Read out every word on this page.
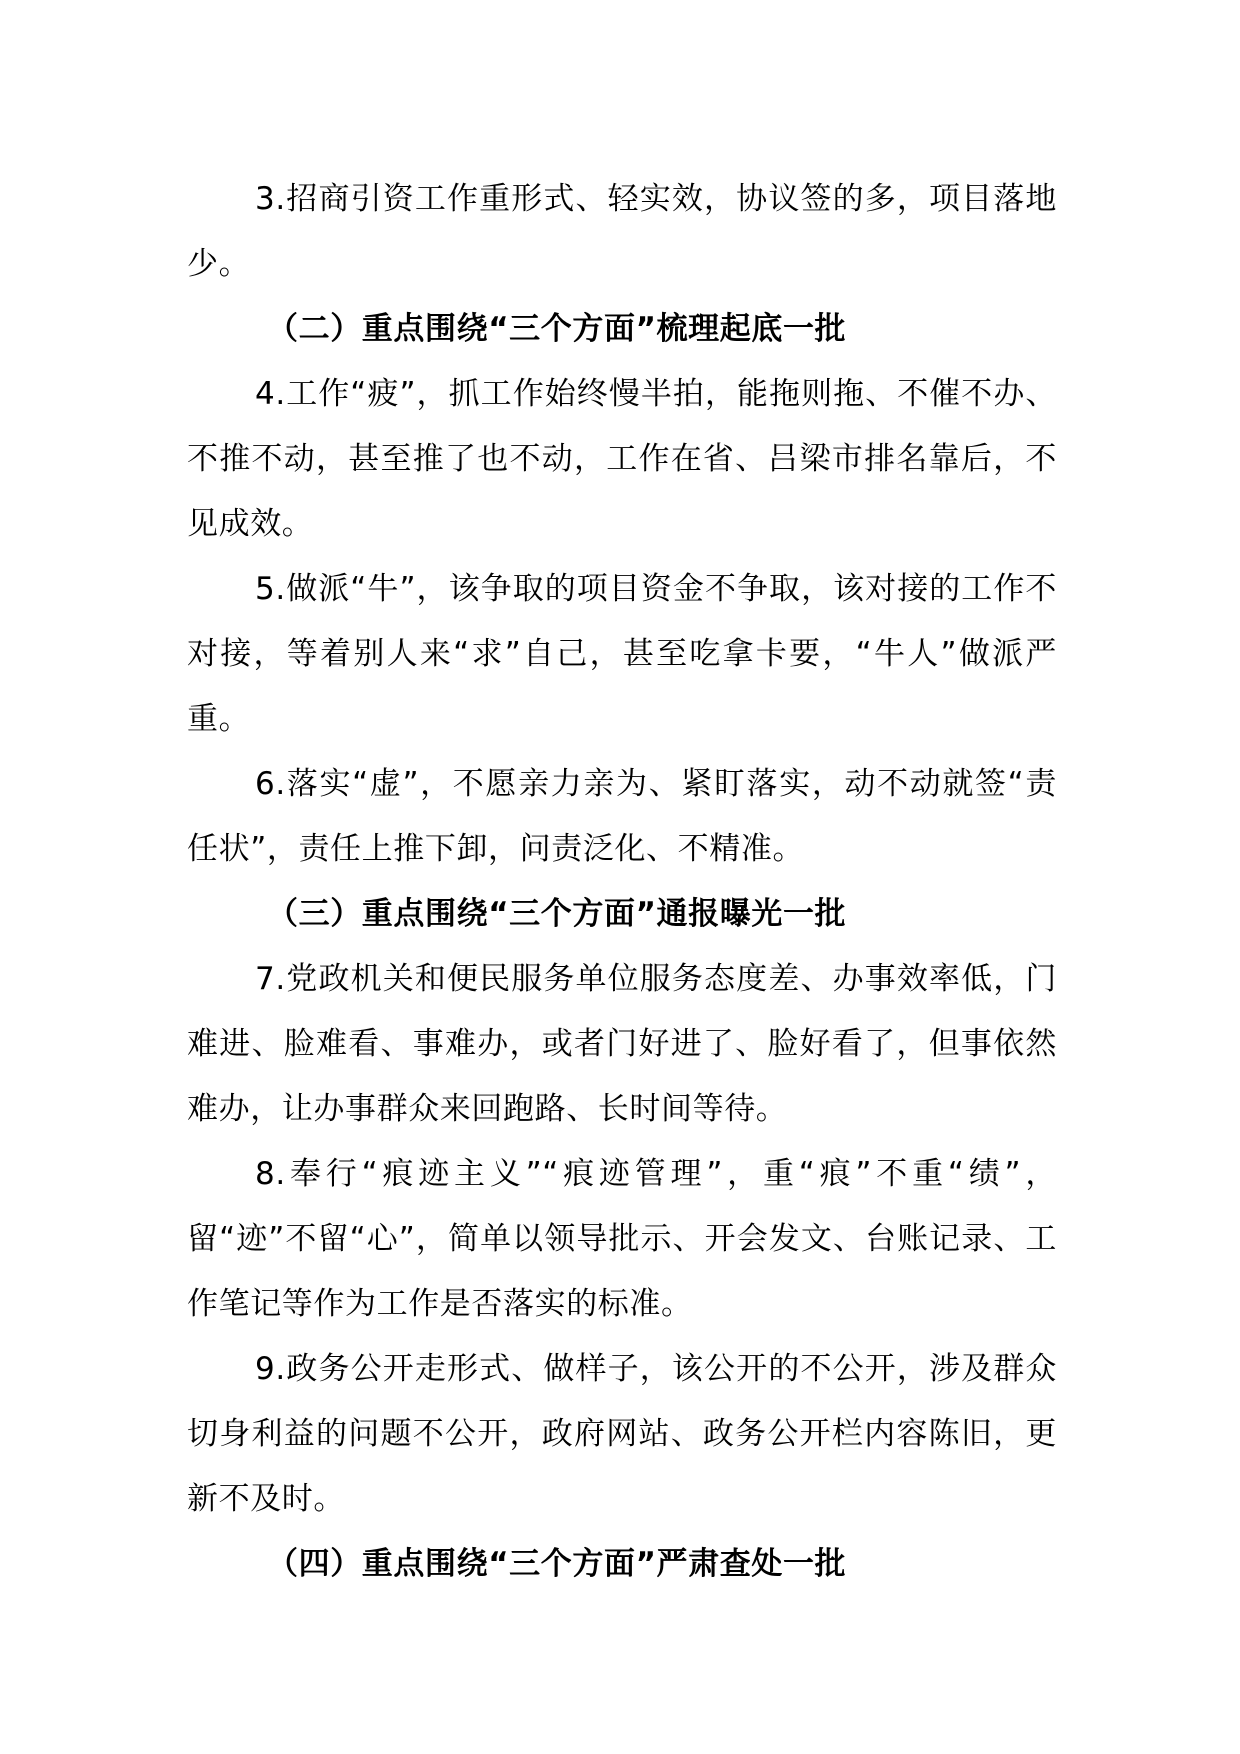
3.招商引资工作重形式、轻实效，协议签的多，项目落地少。

（二）重点围绕“三个方面”梳理起底一批

4.工作“疲”，抓工作始终慢半拍，能拖则拖、不催不办、不推不动，甚至推了也不动，工作在省、吕梁市排名靠后，不见成效。

5.做派“牛”，该争取的项目资金不争取，该对接的工作不对接，等着别人来“求”自己，甚至吃拿卡要，“牛人”做派严重。

6.落实“虚”，不愿亲力亲为、紧盯落实，动不动就签“责任状”，责任上推下卸，问责泛化、不精准。

（三）重点围绕“三个方面”通报曝光一批

7.党政机关和便民服务单位服务态度差、办事效率低，门难进、脸难看、事难办，或者门好进了、脸好看了，但事依然难办，让办事群众来回跑路、长时间等待。

8.奉行“痕迹主义”“痕迹管理”，重“痕”不重“绩”，留“迹”不留“心”，简单以领导批示、开会发文、台账记录、工作笔记等作为工作是否落实的标准。

9.政务公开走形式、做样子，该公开的不公开，涉及群众切身利益的问题不公开，政府网站、政务公开栏内容陈旧，更新不及时。

（四）重点围绕“三个方面”严肃查处一批
